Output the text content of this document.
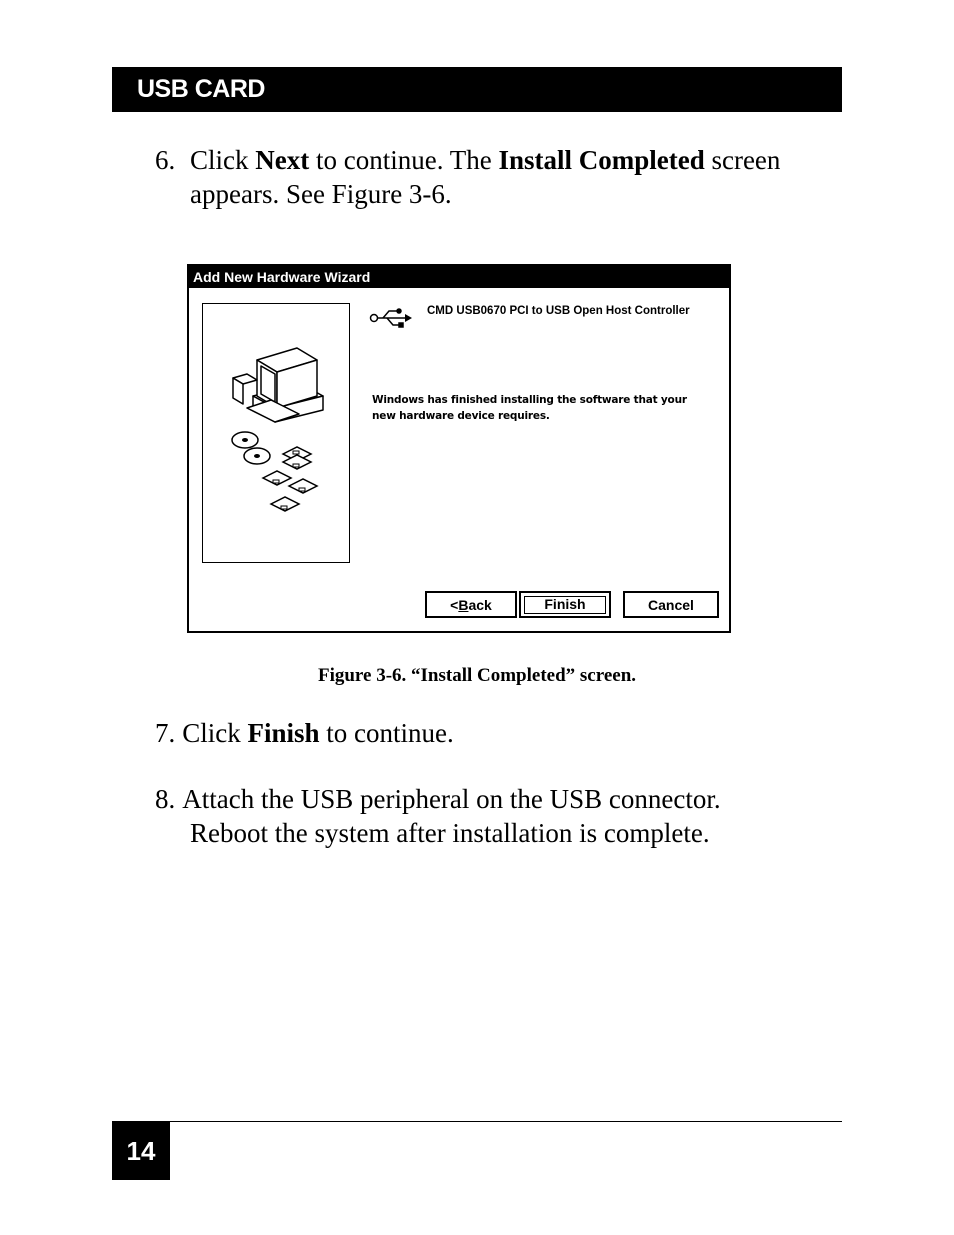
USB CARD
6. Click Next to continue. The Install Completed screen
appears. See Figure 3-6.
Add New Hardware Wizard
CMD USB0670 PCI to USB Open Host Controller
Windows has finished installing the software that your new hardware device requires.
<Back	Finish	Cancel
Figure 3-6. “Install Completed” screen.
7. Click Finish to continue.
8. Attach the USB peripheral on the USB connector.
Reboot the system after installation is complete.
14
